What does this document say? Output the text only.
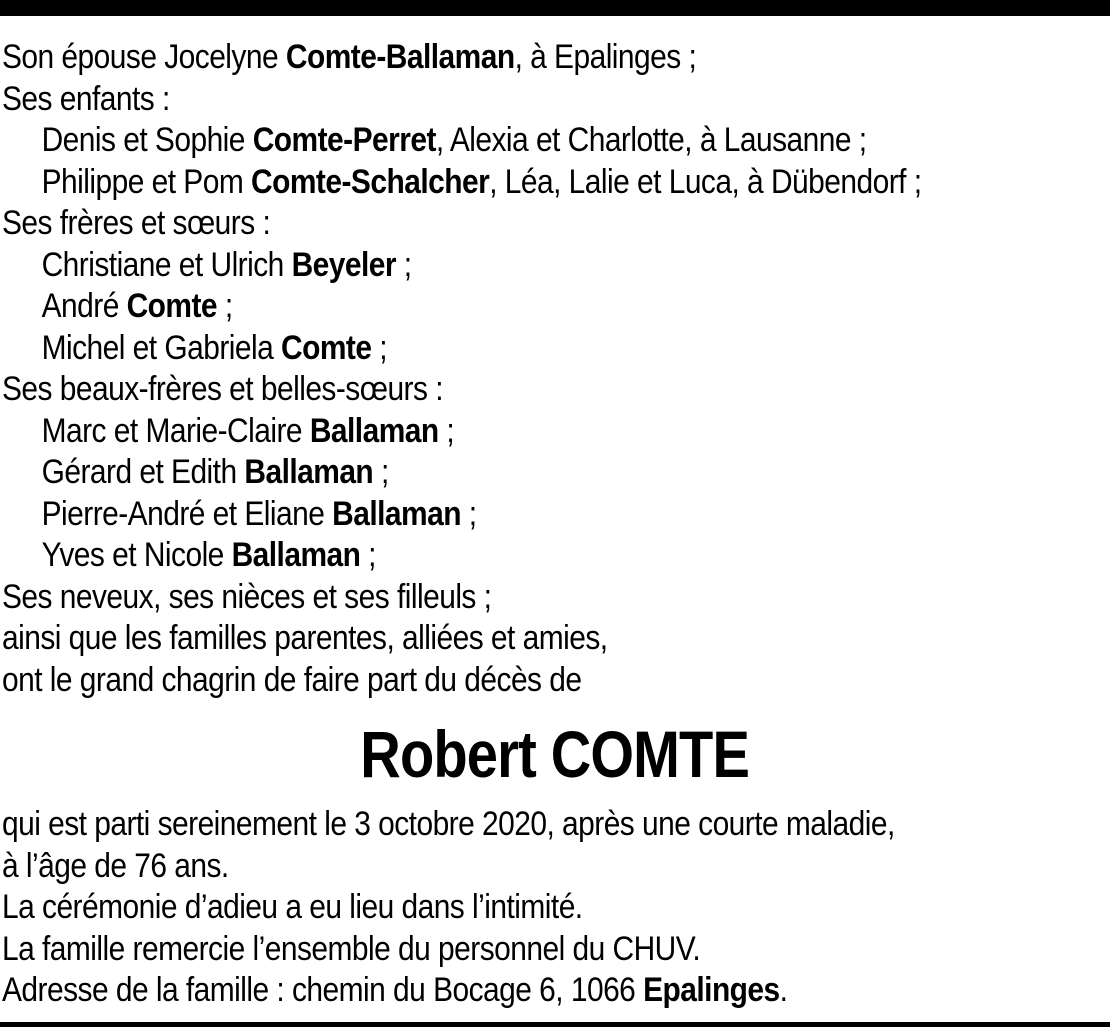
Son épouse Jocelyne Comte-Ballaman, à Epalinges ;
Ses enfants :
Denis et Sophie Comte-Perret, Alexia et Charlotte, à Lausanne ;
Philippe et Pom Comte-Schalcher, Léa, Lalie et Luca, à Dübendorf ;
Ses frères et sœurs :
Christiane et Ulrich Beyeler ;
André Comte ;
Michel et Gabriela Comte ;
Ses beaux-frères et belles-sœurs :
Marc et Marie-Claire Ballaman ;
Gérard et Edith Ballaman ;
Pierre-André et Eliane Ballaman ;
Yves et Nicole Ballaman ;
Ses neveux, ses nièces et ses filleuls ;
ainsi que les familles parentes, alliées et amies,
ont le grand chagrin de faire part du décès de
Robert COMTE
qui est parti sereinement le 3 octobre 2020, après une courte maladie,
à l’âge de 76 ans.
La cérémonie d’adieu a eu lieu dans l’intimité.
La famille remercie l’ensemble du personnel du CHUV.
Adresse de la famille : chemin du Bocage 6, 1066 Epalinges.
